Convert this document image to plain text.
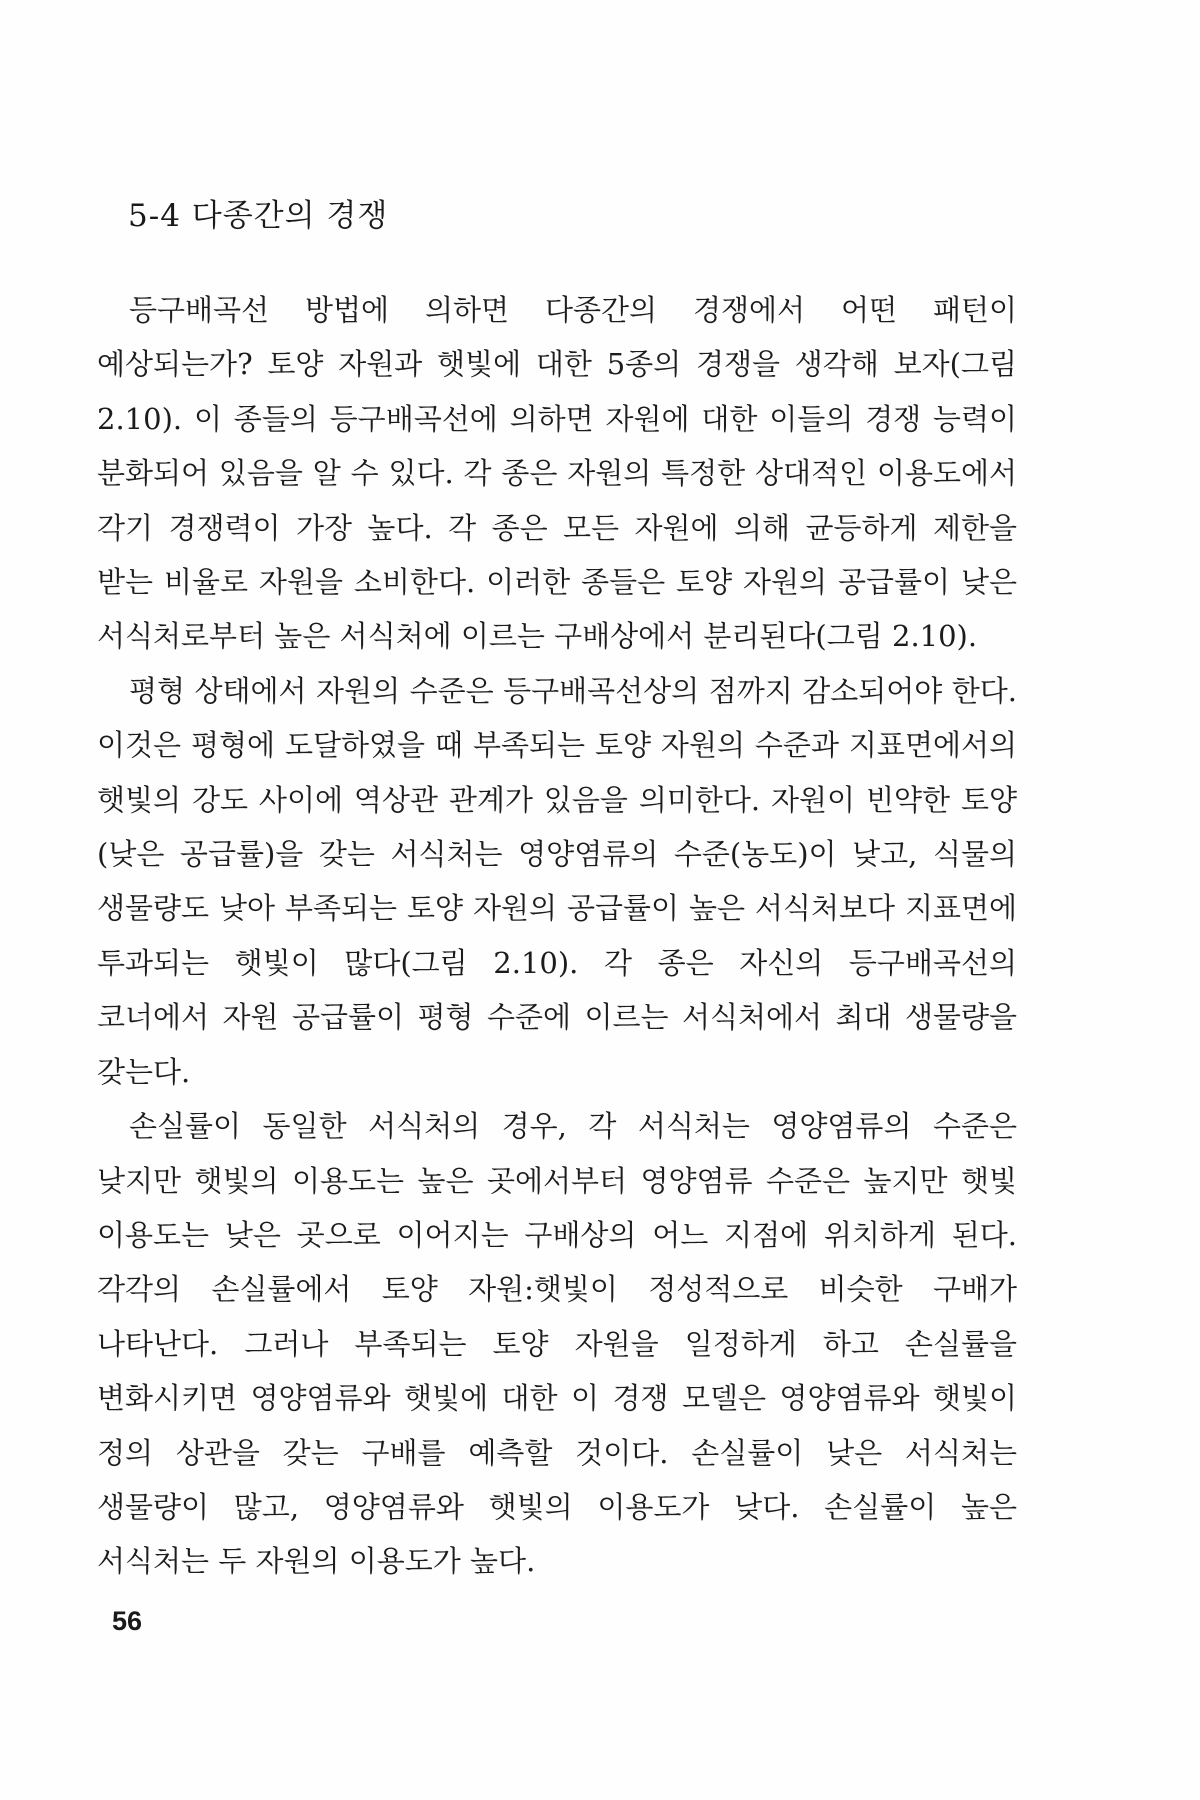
5-4 다종간의 경쟁

등구배곡선 방법에 의하면 다종간의 경쟁에서 어떤 패턴이 예상되는가? 토양 자원과 햇빛에 대한 5종의 경쟁을 생각해 보자(그림 2.10). 이 종들의 등구배곡선에 의하면 자원에 대한 이들의 경쟁 능력이 분화되어 있음을 알 수 있다. 각 종은 자원의 특정한 상대적인 이용도에서 각기 경쟁력이 가장 높다. 각 종은 모든 자원에 의해 균등하게 제한을 받는 비율로 자원을 소비한다. 이러한 종들은 토양 자원의 공급률이 낮은 서식처로부터 높은 서식처에 이르는 구배상에서 분리된다(그림 2.10).

평형 상태에서 자원의 수준은 등구배곡선상의 점까지 감소되어야 한다. 이것은 평형에 도달하였을 때 부족되는 토양 자원의 수준과 지표면에서의 햇빛의 강도 사이에 역상관 관계가 있음을 의미한다. 자원이 빈약한 토양(낮은 공급률)을 갖는 서식처는 영양염류의 수준(농도)이 낮고, 식물의 생물량도 낮아 부족되는 토양 자원의 공급률이 높은 서식처보다 지표면에 투과되는 햇빛이 많다(그림 2.10). 각 종은 자신의 등구배곡선의 코너에서 자원 공급률이 평형 수준에 이르는 서식처에서 최대 생물량을 갖는다.

손실률이 동일한 서식처의 경우, 각 서식처는 영양염류의 수준은 낮지만 햇빛의 이용도는 높은 곳에서부터 영양염류 수준은 높지만 햇빛 이용도는 낮은 곳으로 이어지는 구배상의 어느 지점에 위치하게 된다. 각각의 손실률에서 토양 자원:햇빛이 정성적으로 비슷한 구배가 나타난다. 그러나 부족되는 토양 자원을 일정하게 하고 손실률을 변화시키면 영양염류와 햇빛에 대한 이 경쟁 모델은 영양염류와 햇빛이 정의 상관을 갖는 구배를 예측할 것이다. 손실률이 낮은 서식처는 생물량이 많고, 영양염류와 햇빛의 이용도가 낮다. 손실률이 높은 서식처는 두 자원의 이용도가 높다.

56
